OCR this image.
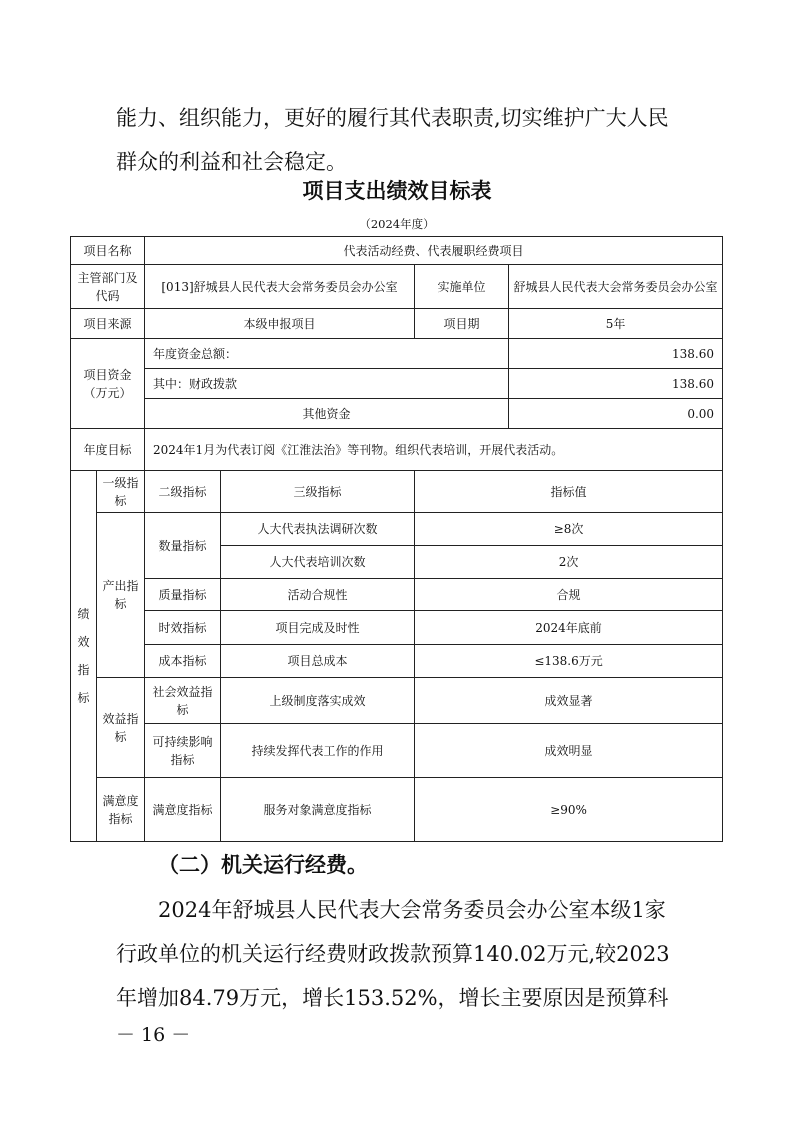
能力、组织能力，更好的履行其代表职责,切实维护广大人民群众的利益和社会稳定。

项目支出绩效目标表
（2024年度）
项目名称		代表活动经费、代表履职经费项目			
主管部门及代码		[013]舒城县人民代表大会常务委员会办公室		实施单位	舒城县人民代表大会常务委员会办公室
项目来源		本级申报项目		项目期	5年
项目资金（万元）		年度资金总额：			138.60
		其中：财政拨款			138.60
		其他资金			0.00
年度目标		2024年1月为代表订阅《江淮法治》等刊物。组织代表培训，开展代表活动。			
绩效指标	一级指标	二级指标	三级指标	指标值	
	产出指标	数量指标	人大代表执法调研次数	≥8次	
			人大代表培训次数	2次	
		质量指标	活动合规性	合规	
		时效指标	项目完成及时性	2024年底前	
		成本指标	项目总成本	≤138.6万元	
	效益指标	社会效益指标	上级制度落实成效	成效显著	
		可持续影响指标	持续发挥代表工作的作用	成效明显	
	满意度指标	满意度指标	服务对象满意度指标	≥90%	
（二）机关运行经费。

2024年舒城县人民代表大会常务委员会办公室本级1家行政单位的机关运行经费财政拨款预算140.02万元,较2023年增加84.79万元，增长153.52%，增长主要原因是预算科

－ 16 －
